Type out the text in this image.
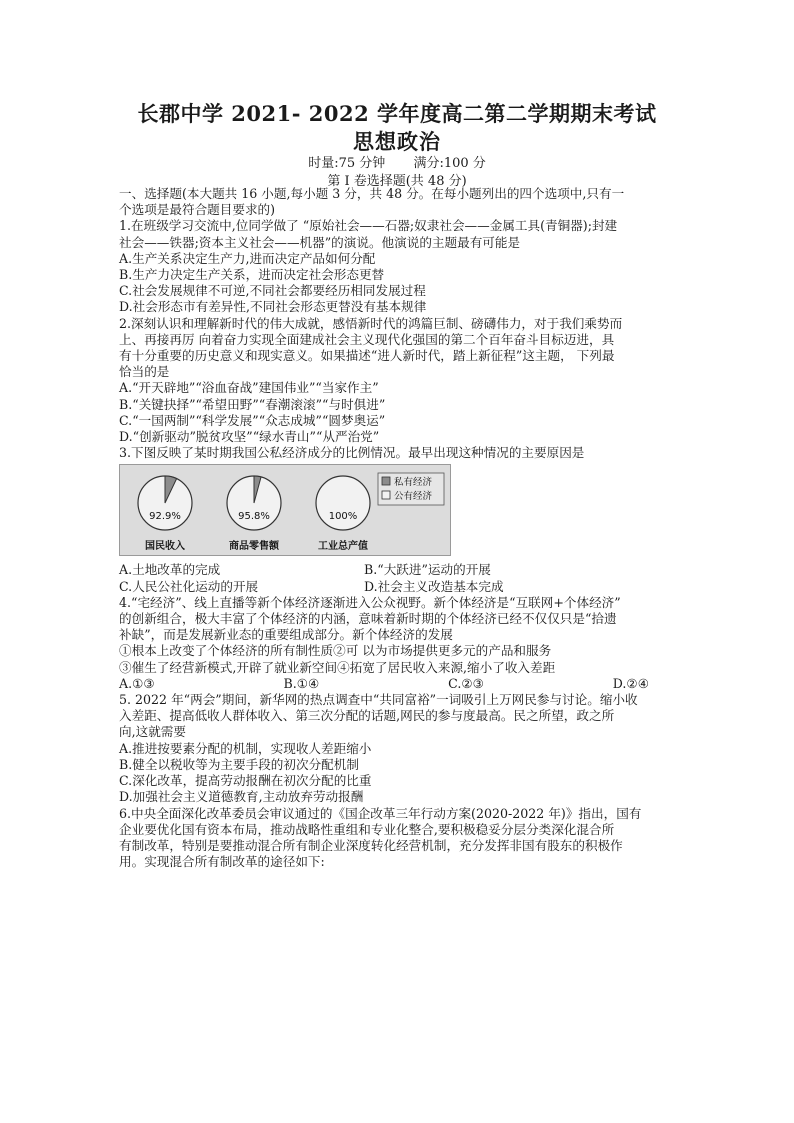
长郡中学 2021- 2022 学年度高二第二学期期末考试
思想政治
时量:75 分钟 满分:100 分
第 I 卷选择题(共 48 分)

一、选择题(本大题共 16 小题,每小题 3 分，共 48 分。在每小题列出的四个选项中,只有一

个选项是最符合题目要求的)

1.在班级学习交流中,位同学做了 “原始社会——石器;奴隶社会——金属工具(青铜器);封建

社会——铁器;资本主义社会——机器”的演说。他演说的主题最有可能是

A.生产关系决定生产力,进而决定产品如何分配

B.生产力决定生产关系，进而决定社会形态更替

C.社会发展规律不可逆,不同社会都要经历相同发展过程

D.社会形态市有差异性,不同社会形态更替没有基本规律

2.深刻认识和理解新时代的伟大成就，感悟新时代的鸿篇巨制、磅礴伟力，对于我们乘势而

上、再接再厉 向着奋力实现全面建成社会主义现代化强国的第二个百年奋斗目标迈进，具

有十分重要的历史意义和现实意义。如果描述“进人新时代，踏上新征程”这主题， 下列最

恰当的是

A.“开天辟地”“浴血奋战”建国伟业”“当家作主”

B.“关键抉择”“希望田野”“春潮滚滚”“与时俱进”

C.“一国两制”“科学发展”“众志成城”“圆梦奥运”

D.“创新驱动”脱贫攻坚”“绿水青山”“从严治党”

3.下图反映了某时期我国公私经济成分的比例情况。最早出现这种情况的主要原因是

92.9%
国民收入
95.8%
商品零售额
100%
工业总产值
私有经济
公有经济
A.土地改革的完成	B.“大跃进”运动的开展
C.人民公社化运动的开展	D.社会主义改造基本完成

4.“宅经济”、线上直播等新个体经济逐渐进入公众视野。新个体经济是“互联网+个体经济”

的创新组合，极大丰富了个体经济的内涵，意味着新时期的个体经济已经不仅仅只是“拾遗

补缺”，而是发展新业态的重要组成部分。新个体经济的发展

①根本上改变了个体经济的所有制性质②可 以为市场提供更多元的产品和服务

③催生了经营新模式,开辟了就业新空间④拓宽了居民收入来源,缩小了收入差距

A.①③	B.①④	C.②③	D.②④

5. 2022 年“两会”期间，新华网的热点调查中“共同富裕”一词吸引上万网民参与讨论。缩小收

入差距、提高低收人群体收入、第三次分配的话题,网民的参与度最高。民之所望，政之所

向,这就需要

A.推进按要素分配的机制，实现收人差距缩小

B.健全以税收等为主要手段的初次分配机制

C.深化改革，提高劳动报酬在初次分配的比重

D.加强社会主义道德教育,主动放弃劳动报酬

6.中央全面深化改革委员会审议通过的《国企改革三年行动方案(2020-2022 年)》指出，国有

企业要优化国有资本布局，推动战略性重组和专业化整合,要积极稳妥分层分类深化混合所

有制改革，特别是要推动混合所有制企业深度转化经营机制，充分发挥非国有股东的积极作

用。实现混合所有制改革的途径如下:
